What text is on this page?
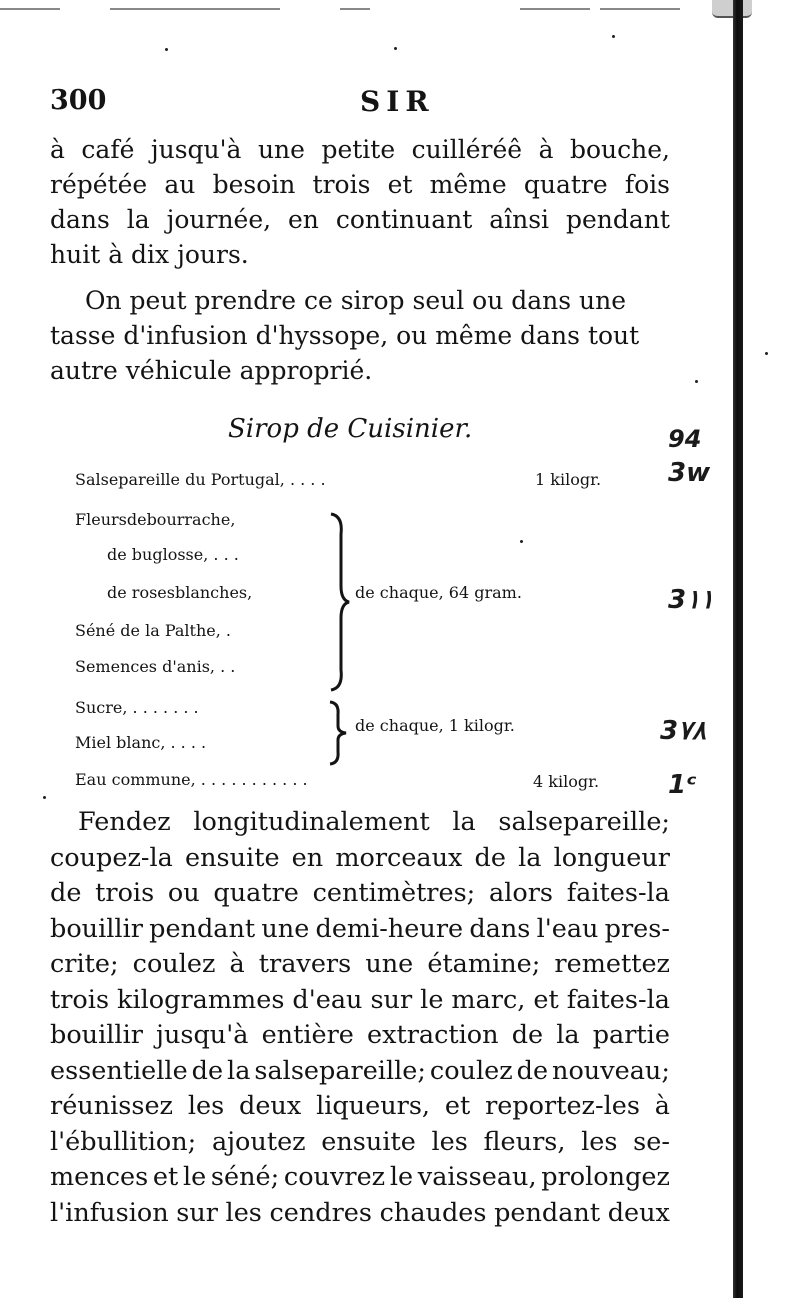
300	SIR

à café jusqu'à une petite cuilléréê à bouche,
répétée au besoin trois et même quatre fois
dans la journée, en continuant aînsi pendant
huit à dix jours.

On peut prendre ce sirop seul ou dans une
tasse d'infusion d'hyssope, ou même dans tout
autre véhicule approprié.

Sirop de Cuisinier.
Salsepareille du Portugal, . . . .	1 kilogr.
Fleursdebourrache,
de buglosse, . . .
de rosesblanches,
Séné de la Palthe, .
Semences d'anis, . .
de chaque, 64 gram.
Sucre, . . . . . . .
Miel blanc, . . . .
de chaque, 1 kilogr.
Eau commune, . . . . . . . . . . .	4 kilogr.

Fendez longitudinalement la salsepareille;
coupez-la ensuite en morceaux de la longueur
de trois ou quatre centimètres; alors faites-la
bouillir pendant une demi-heure dans l'eau pres-
crite; coulez à travers une étamine; remettez
trois kilogrammes d'eau sur le marc, et faites-la
bouillir jusqu'à entière extraction de la partie
essentielle de la salsepareille; coulez de nouveau;
réunissez les deux liqueurs, et reportez-les à
l'ébullition; ajoutez ensuite les fleurs, les se-
mences et le séné; couvrez le vaisseau, prolongez
l'infusion sur les cendres chaudes pendant deux

94
3w
3١١
3٧٨
1ᶜ
